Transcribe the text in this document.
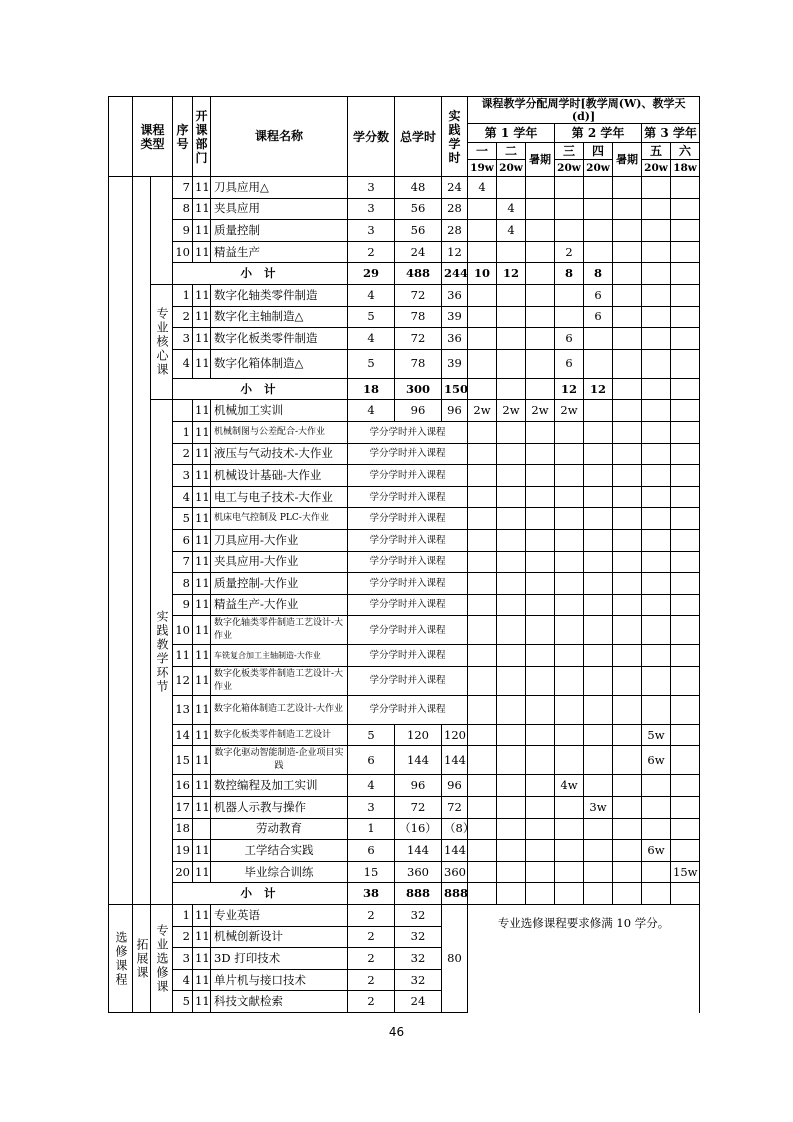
	课程类型		序号	开课部门	课程名称	学分数	总学时	实践学时	课程教学分配周学时[教学周(W)、教学天(d)]							
									第 1 学年			第 2 学年			第 3 学年	
									一	二	暑期	三	四	暑期	五	六
									19w	20w		20w	20w		20w	18w
			7	11	刀具应用△	3	48	24	4							
			8	11	夹具应用	3	56	28		4						
			9	11	质量控制	3	56	28		4						
			10	11	精益生产	2	24	12				2				
			小 计			29	488	244	10	12		8	8			
		专业核心课	1	11	数字化轴类零件制造	4	72	36					6			
			2	11	数字化主轴制造△	5	78	39					6			
			3	11	数字化板类零件制造	4	72	36				6				
			4	11	数字化箱体制造△	5	78	39				6				
			小 计			18	300	150				12	12			
		实践教学环节		11	机械加工实训	4	96	96	2w	2w	2w	2w				
			1	11	机械制图与公差配合-大作业	学分学时并入课程										
			2	11	液压与气动技术-大作业	学分学时并入课程										
			3	11	机械设计基础-大作业	学分学时并入课程										
			4	11	电工与电子技术-大作业	学分学时并入课程										
			5	11	机床电气控制及 PLC-大作业	学分学时并入课程										
			6	11	刀具应用-大作业	学分学时并入课程										
			7	11	夹具应用-大作业	学分学时并入课程										
			8	11	质量控制-大作业	学分学时并入课程										
			9	11	精益生产-大作业	学分学时并入课程										
			10	11	数字化轴类零件制造工艺设计-大作业	学分学时并入课程										
			11	11	车铣复合加工主轴制造-大作业	学分学时并入课程										
			12	11	数字化板类零件制造工艺设计-大作业	学分学时并入课程										
			13	11	数字化箱体制造工艺设计-大作业	学分学时并入课程										
			14	11	数字化板类零件制造工艺设计	5	120	120							5w	
			15	11	数字化驱动智能制造-企业项目实践	6	144	144							6w	
			16	11	数控编程及加工实训	4	96	96				4w				
			17	11	机器人示教与操作	3	72	72					3w			
			18		劳动教育	1	（16）	（8）								
			19	11	工学结合实践	6	144	144							6w	
			20	11	毕业综合训练	15	360	360								15w
			小 计			38	888	888								
选修课程	拓展课	专业选修课	1	11	专业英语	2	32	80	专业选修课程要求修满 10 学分。							
			2	11	机械创新设计	2	32									
			3	11	3D 打印技术	2	32									
			4	11	单片机与接口技术	2	32									
			5	11	科技文献检索	2	24									
46
